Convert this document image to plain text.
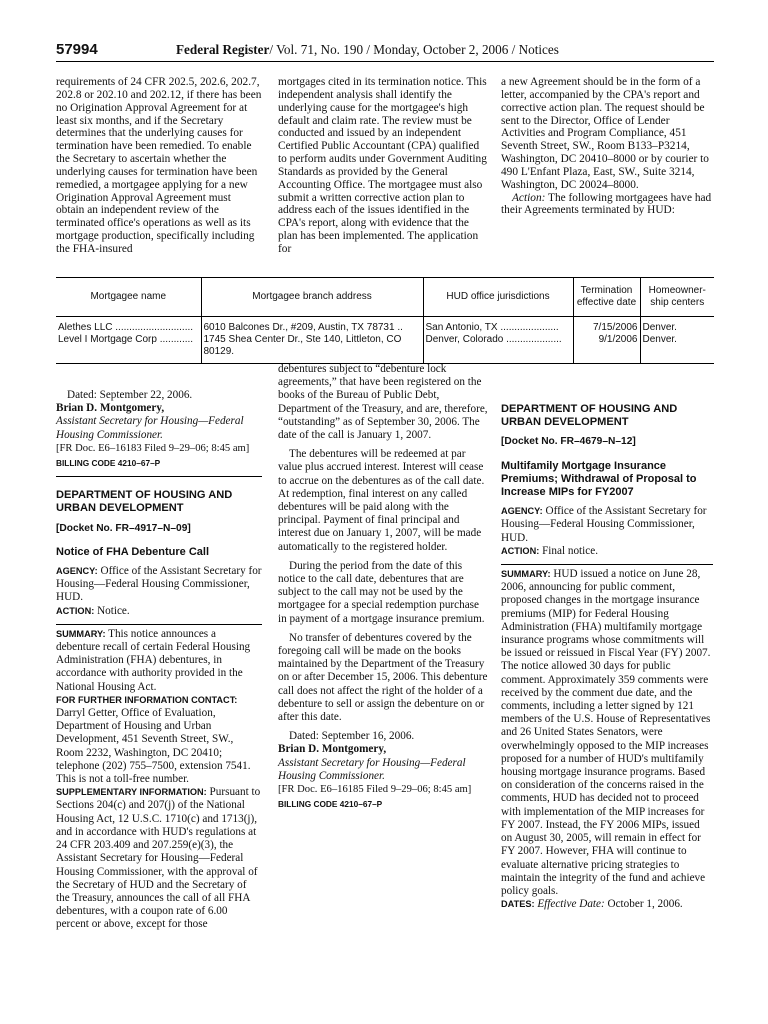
57994	Federal Register/ Vol. 71, No. 190 / Monday, October 2, 2006 / Notices

requirements of 24 CFR 202.5, 202.6, 202.7, 202.8 or 202.10 and 202.12, if there has been no Origination Approval Agreement for at least six months, and if the Secretary determines that the underlying causes for termination have been remedied. To enable the Secretary to ascertain whether the underlying causes for termination have been remedied, a mortgagee applying for a new Origination Approval Agreement must obtain an independent review of the terminated office's operations as well as its mortgage production, specifically including the FHA-insured

mortgages cited in its termination notice. This independent analysis shall identify the underlying cause for the mortgagee's high default and claim rate. The review must be conducted and issued by an independent Certified Public Accountant (CPA) qualified to perform audits under Government Auditing Standards as provided by the General Accounting Office. The mortgagee must also submit a written corrective action plan to address each of the issues identified in the CPA's report, along with evidence that the plan has been implemented. The application for

a new Agreement should be in the form of a letter, accompanied by the CPA's report and corrective action plan. The request should be sent to the Director, Office of Lender Activities and Program Compliance, 451 Seventh Street, SW., Room B133–P3214, Washington, DC 20410–8000 or by courier to 490 L'Enfant Plaza, East, SW., Suite 3214, Washington, DC 20024–8000.

Action: The following mortgagees have had their Agreements terminated by HUD:

Mortgagee name	Mortgagee branch address	HUD office jurisdictions	Termination effective date	Homeowner-ship centers
Alethes LLC ............................	6010 Balcones Dr., #209, Austin, TX 78731 ..	San Antonio, TX .....................	7/15/2006	Denver.
Level I Mortgage Corp ............	1745 Shea Center Dr., Ste 140, Littleton, CO 80129.	Denver, Colorado ....................	9/1/2006	Denver.

Dated: September 22, 2006.

Brian D. Montgomery,

Assistant Secretary for Housing—Federal Housing Commissioner.

[FR Doc. E6–16183 Filed 9–29–06; 8:45 am]

BILLING CODE 4210–67–P

DEPARTMENT OF HOUSING AND URBAN DEVELOPMENT

[Docket No. FR–4917–N–09]

Notice of FHA Debenture Call

AGENCY: Office of the Assistant Secretary for Housing—Federal Housing Commissioner, HUD.

ACTION: Notice.

SUMMARY: This notice announces a debenture recall of certain Federal Housing Administration (FHA) debentures, in accordance with authority provided in the National Housing Act.

FOR FURTHER INFORMATION CONTACT:

Darryl Getter, Office of Evaluation, Department of Housing and Urban Development, 451 Seventh Street, SW., Room 2232, Washington, DC 20410; telephone (202) 755–7500, extension 7541. This is not a toll-free number.

SUPPLEMENTARY INFORMATION: Pursuant to Sections 204(c) and 207(j) of the National Housing Act, 12 U.S.C. 1710(c) and 1713(j), and in accordance with HUD's regulations at 24 CFR 203.409 and 207.259(e)(3), the Assistant Secretary for Housing—Federal Housing Commissioner, with the approval of the Secretary of HUD and the Secretary of the Treasury, announces the call of all FHA debentures, with a coupon rate of 6.00 percent or above, except for those

debentures subject to “debenture lock agreements,” that have been registered on the books of the Bureau of Public Debt, Department of the Treasury, and are, therefore, “outstanding” as of September 30, 2006. The date of the call is January 1, 2007.

The debentures will be redeemed at par value plus accrued interest. Interest will cease to accrue on the debentures as of the call date. At redemption, final interest on any called debentures will be paid along with the principal. Payment of final principal and interest due on January 1, 2007, will be made automatically to the registered holder.

During the period from the date of this notice to the call date, debentures that are subject to the call may not be used by the mortgagee for a special redemption purchase in payment of a mortgage insurance premium.

No transfer of debentures covered by the foregoing call will be made on the books maintained by the Department of the Treasury on or after December 15, 2006. This debenture call does not affect the right of the holder of a debenture to sell or assign the debenture on or after this date.

Dated: September 16, 2006.

Brian D. Montgomery,

Assistant Secretary for Housing—Federal Housing Commissioner.

[FR Doc. E6–16185 Filed 9–29–06; 8:45 am]

BILLING CODE 4210–67–P

DEPARTMENT OF HOUSING AND URBAN DEVELOPMENT

[Docket No. FR–4679–N–12]

Multifamily Mortgage Insurance Premiums; Withdrawal of Proposal to Increase MIPs for FY2007

AGENCY: Office of the Assistant Secretary for Housing—Federal Housing Commissioner, HUD.

ACTION: Final notice.

SUMMARY: HUD issued a notice on June 28, 2006, announcing for public comment, proposed changes in the mortgage insurance premiums (MIP) for Federal Housing Administration (FHA) multifamily mortgage insurance programs whose commitments will be issued or reissued in Fiscal Year (FY) 2007. The notice allowed 30 days for public comment. Approximately 359 comments were received by the comment due date, and the comments, including a letter signed by 121 members of the U.S. House of Representatives and 26 United States Senators, were overwhelmingly opposed to the MIP increases proposed for a number of HUD's multifamily housing mortgage insurance programs. Based on consideration of the concerns raised in the comments, HUD has decided not to proceed with implementation of the MIP increases for FY 2007. Instead, the FY 2006 MIPs, issued on August 30, 2005, will remain in effect for FY 2007. However, FHA will continue to evaluate alternative pricing strategies to maintain the integrity of the fund and achieve policy goals.

DATES: Effective Date: October 1, 2006.
